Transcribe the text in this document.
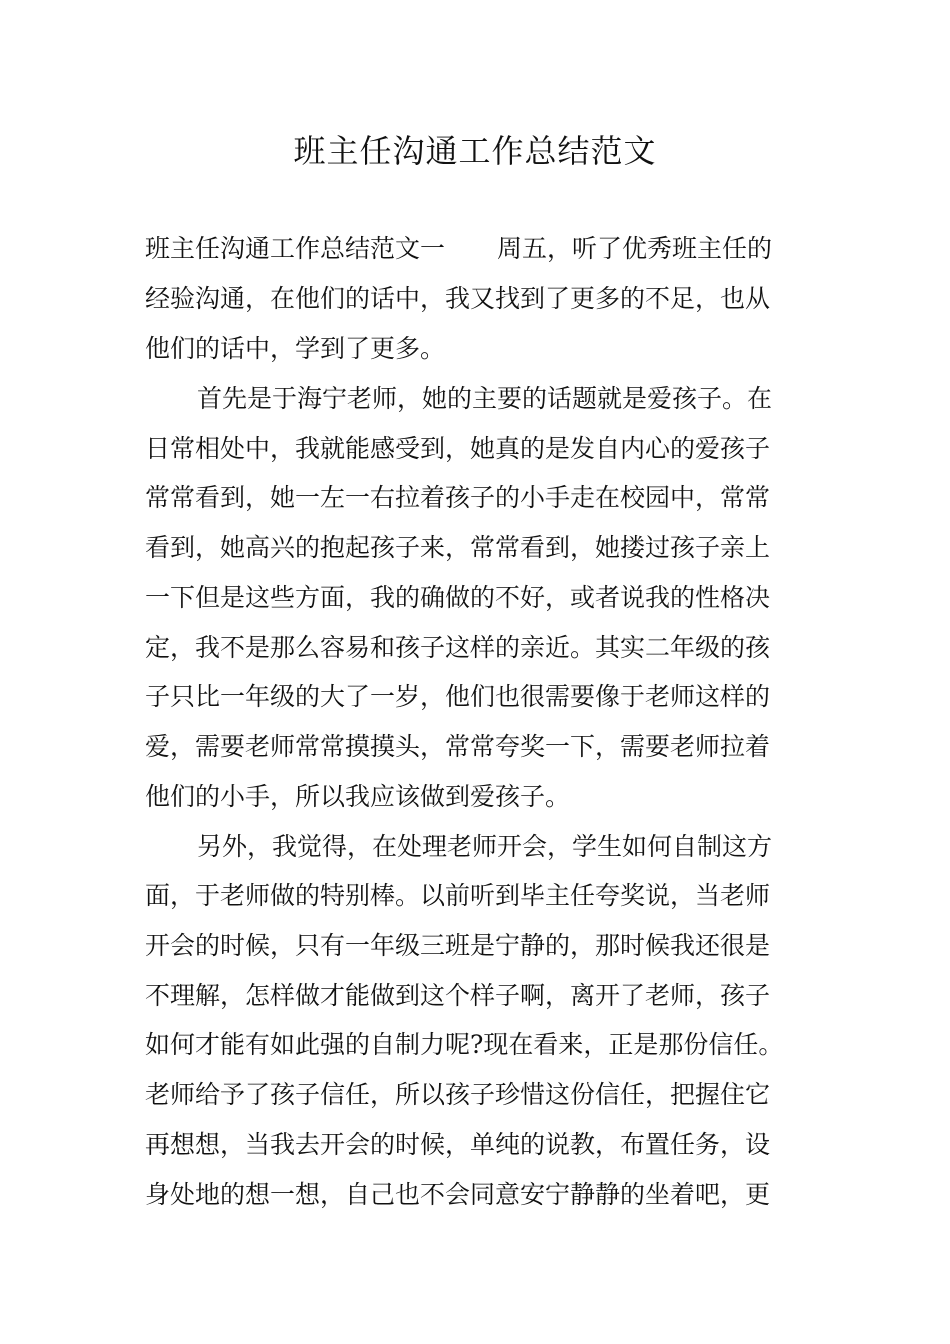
班主任沟通工作总结范文
班主任沟通工作总结范文一 周五，听了优秀班主任的
经验沟通，在他们的话中，我又找到了更多的不足，也从
他们的话中，学到了更多。
首先是于海宁老师，她的主要的话题就是爱孩子。在
日常相处中，我就能感受到，她真的是发自内心的爱孩子
常常看到，她一左一右拉着孩子的小手走在校园中，常常
看到，她高兴的抱起孩子来，常常看到，她搂过孩子亲上
一下但是这些方面，我的确做的不好，或者说我的性格决
定，我不是那么容易和孩子这样的亲近。其实二年级的孩
子只比一年级的大了一岁，他们也很需要像于老师这样的
爱，需要老师常常摸摸头，常常夸奖一下，需要老师拉着
他们的小手，所以我应该做到爱孩子。
另外，我觉得，在处理老师开会，学生如何自制这方
面，于老师做的特别棒。以前听到毕主任夸奖说，当老师
开会的时候，只有一年级三班是宁静的，那时候我还很是
不理解，怎样做才能做到这个样子啊，离开了老师，孩子
如何才能有如此强的自制力呢?现在看来，正是那份信任。
老师给予了孩子信任，所以孩子珍惜这份信任，把握住它
再想想，当我去开会的时候，单纯的说教，布置任务，设
身处地的想一想，自己也不会同意安宁静静的坐着吧，更
